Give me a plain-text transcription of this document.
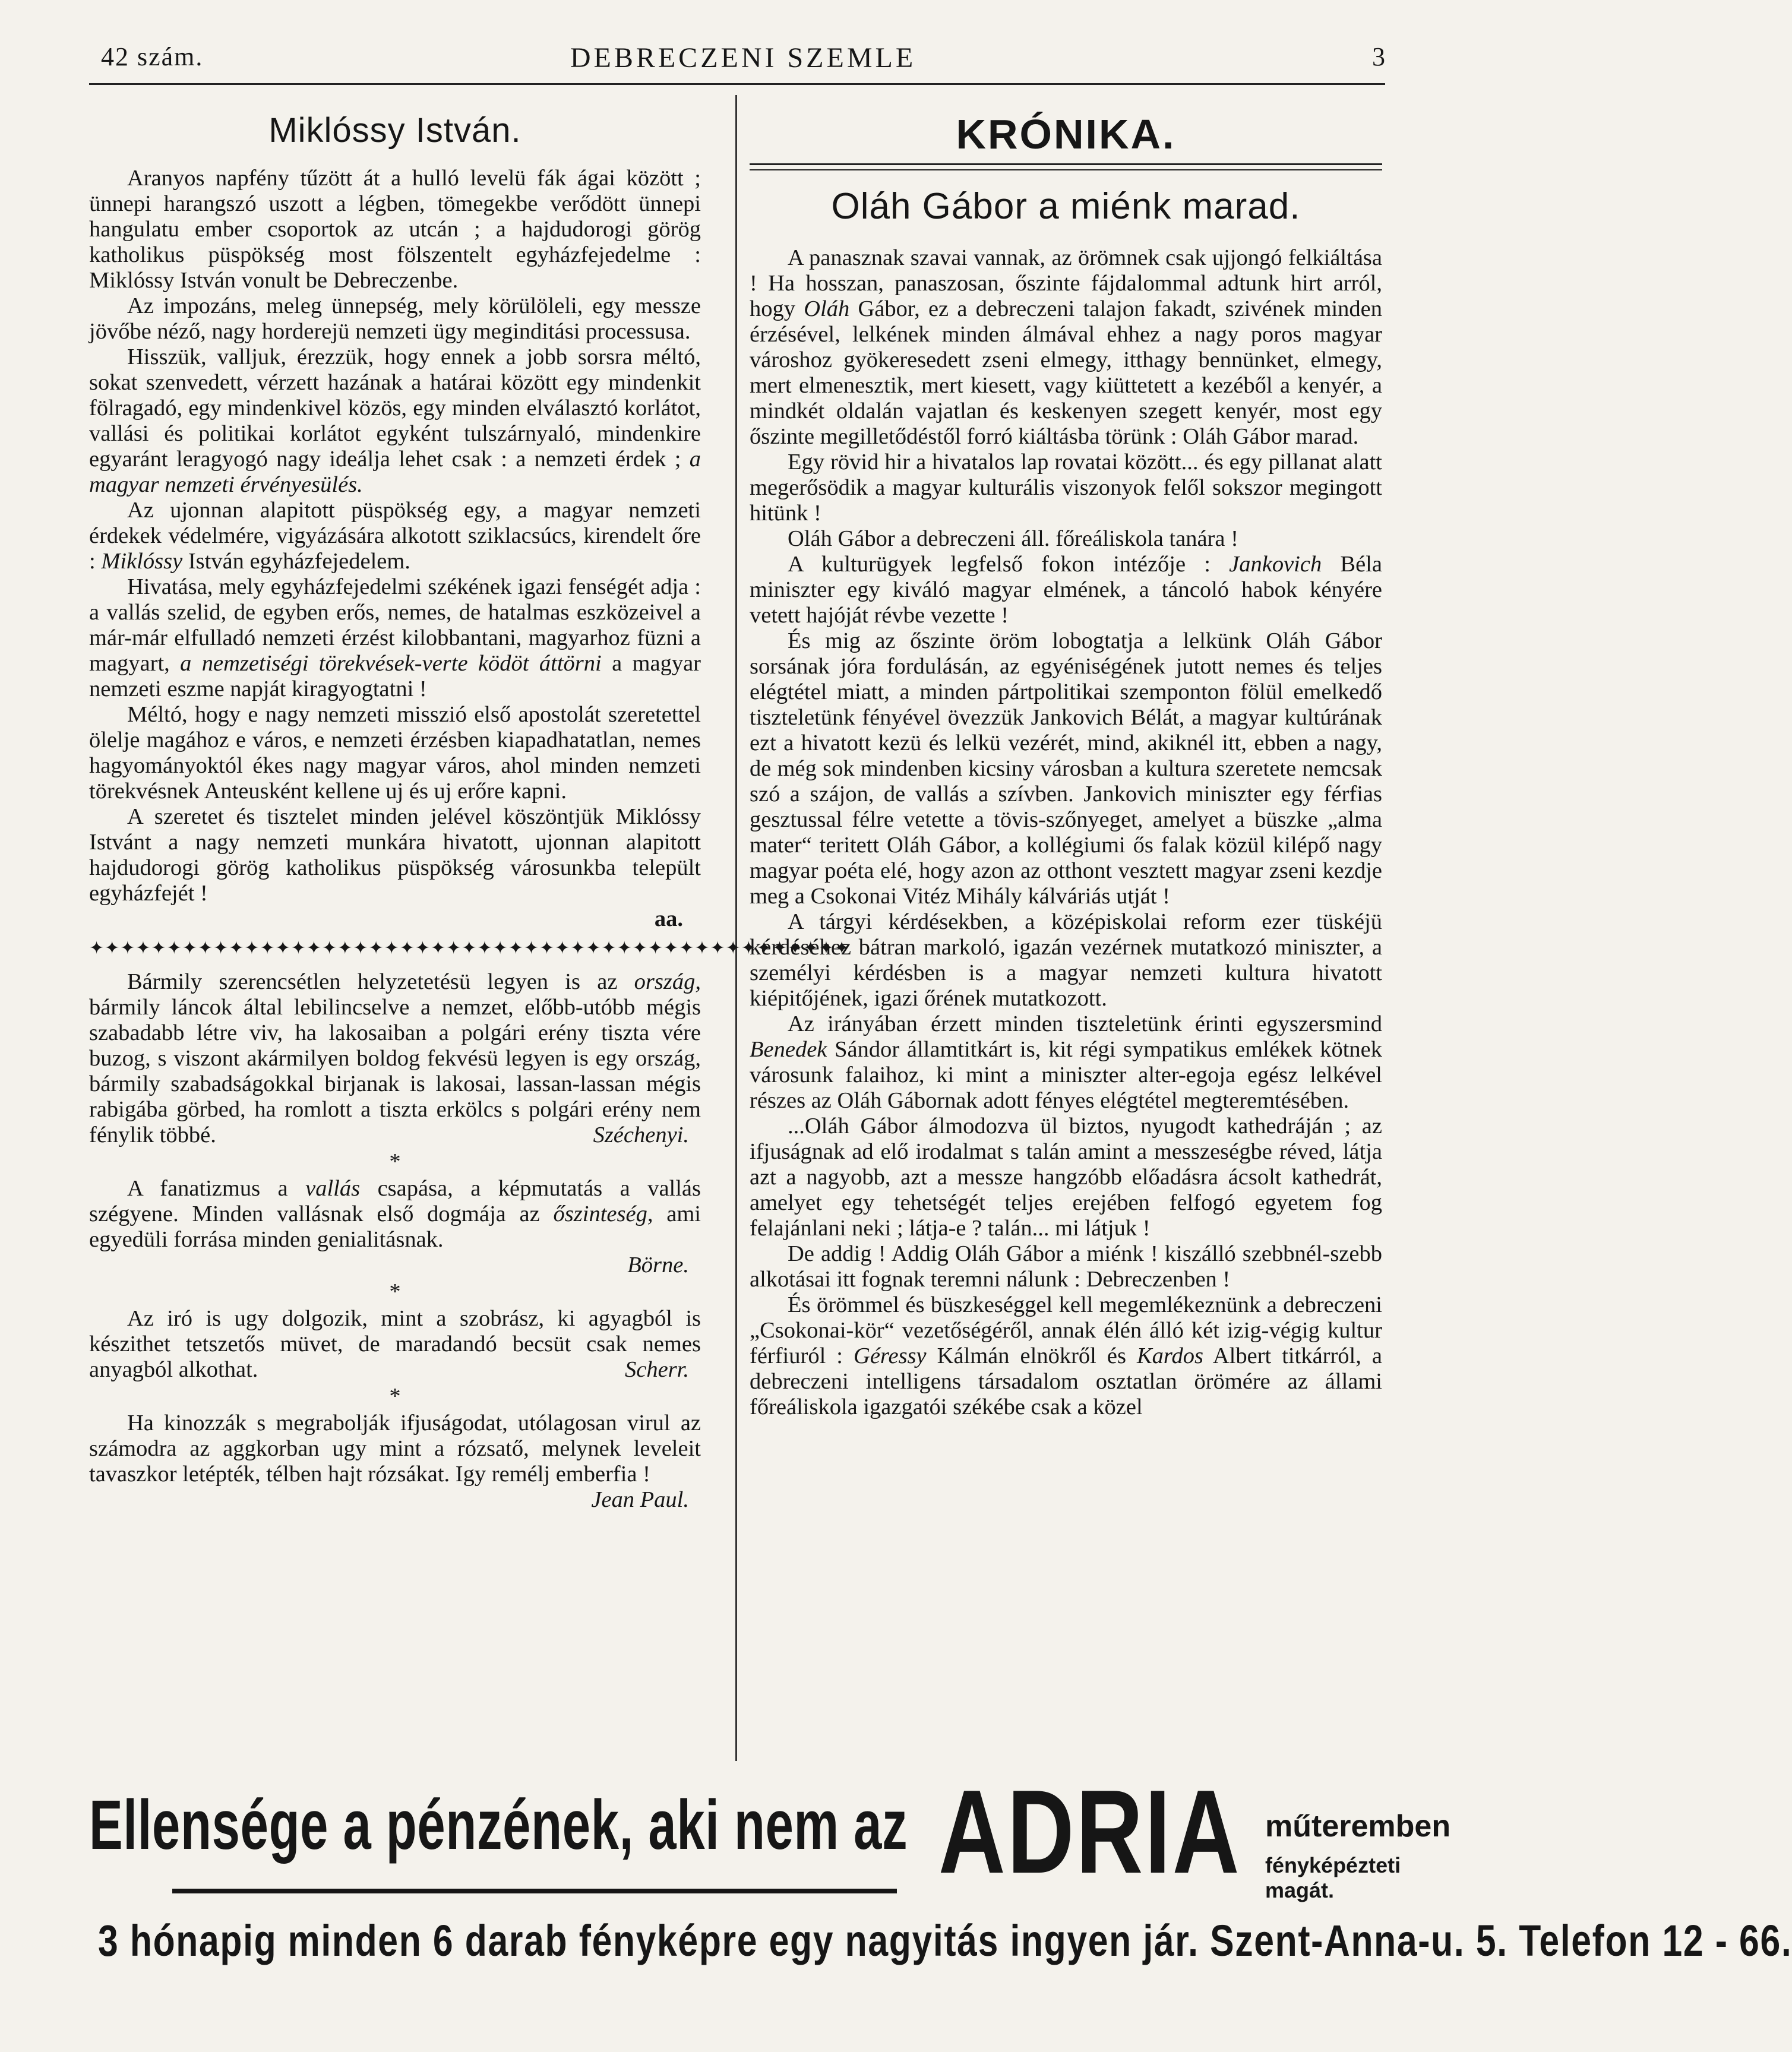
42 szám.	DEBRECZENI SZEMLE	3
Miklóssy István.

Aranyos napfény tűzött át a hulló levelü fák ágai között ; ünnepi harangszó uszott a légben, tömegekbe verődött ünnepi hangulatu ember csoportok az utcán ; a hajdudorogi görög katholikus püspökség most fölszentelt egyházfejedelme : Miklóssy István vonult be Debreczenbe.

Az impozáns, meleg ünnepség, mely körülöleli, egy messze jövőbe néző, nagy horderejü nemzeti ügy meginditási processusa.

Hisszük, valljuk, érezzük, hogy ennek a jobb sorsra méltó, sokat szenvedett, vérzett hazának a határai között egy mindenkit fölragadó, egy mindenkivel közös, egy minden elválasztó korlátot, vallási és politikai korlátot egyként tulszárnyaló, mindenkire egyaránt leragyogó nagy ideálja lehet csak : a nemzeti érdek ; a magyar nemzeti érvényesülés.

Az ujonnan alapitott püspökség egy, a magyar nemzeti érdekek védelmére, vigyázására alkotott sziklacsúcs, kirendelt őre : Miklóssy István egyházfejedelem.

Hivatása, mely egyházfejedelmi székének igazi fenségét adja : a vallás szelid, de egyben erős, nemes, de hatalmas eszközeivel a már-már elfulladó nemzeti érzést kilobbantani, magyarhoz füzni a magyart, a nemzetiségi törekvések-verte ködöt áttörni a magyar nemzeti eszme napját kiragyogtatni !

Méltó, hogy e nagy nemzeti misszió első apostolát szeretettel ölelje magához e város, e nemzeti érzésben kiapadhatatlan, nemes hagyományoktól ékes nagy magyar város, ahol minden nemzeti törekvésnek Anteusként kellene uj és uj erőre kapni.

A szeretet és tisztelet minden jelével köszöntjük Miklóssy Istvánt a nagy nemzeti munkára hivatott, ujonnan alapitott hajdudorogi görög katholikus püspökség városunkba települt egyházfejét !

aa.
✦✦✦✦✦✦✦✦✦✦✦✦✦✦✦✦✦✦✦✦✦✦✦✦✦✦✦✦✦✦✦✦✦✦✦✦✦✦✦✦✦✦✦✦✦✦✦✦✦

Bármily szerencsétlen helyzetetésü legyen is az ország, bármily láncok által lebilincselve a nemzet, előbb-utóbb mégis szabadabb létre viv, ha lakosaiban a polgári erény tiszta vére buzog, s viszont akármilyen boldog fekvésü legyen is egy ország, bármily szabadságokkal birjanak is lakosai, lassan-lassan mégis rabigába görbed, ha romlott a tiszta erkölcs s polgári erény nem fénylik többé.	Széchenyi.

*

A fanatizmus a vallás csapása, a képmutatás a vallás szégyene. Minden vallásnak első dogmája az őszinteség, ami egyedüli forrása minden genialitásnak.

Börne.
*

Az iró is ugy dolgozik, mint a szobrász, ki agyagból is készithet tetszetős müvet, de maradandó becsüt csak nemes anyagból alkothat.	Scherr.

*

Ha kinozzák s megrabolják ifjuságodat, utólagosan virul az számodra az aggkorban ugy mint a rózsatő, melynek leveleit tavaszkor letépték, télben hajt rózsákat. Igy remélj emberfia !

Jean Paul.
KRÓNIKA.
Oláh Gábor a miénk marad.

A panasznak szavai vannak, az örömnek csak ujjongó felkiáltása ! Ha hosszan, panaszosan, őszinte fájdalommal adtunk hirt arról, hogy Oláh Gábor, ez a debreczeni talajon fakadt, szivének minden érzésével, lelkének minden álmával ehhez a nagy poros magyar városhoz gyökeresedett zseni elmegy, itthagy bennünket, elmegy, mert elmenesztik, mert kiesett, vagy kiüttetett a kezéből a kenyér, a mindkét oldalán vajatlan és keskenyen szegett kenyér, most egy őszinte megilletődéstől forró kiáltásba törünk : Oláh Gábor marad.

Egy rövid hir a hivatalos lap rovatai között... és egy pillanat alatt megerősödik a magyar kulturális viszonyok felől sokszor megingott hitünk !

Oláh Gábor a debreczeni áll. főreáliskola tanára !

A kulturügyek legfelső fokon intézője : Jankovich Béla miniszter egy kiváló magyar elmének, a táncoló habok kényére vetett hajóját révbe vezette !

És mig az őszinte öröm lobogtatja a lelkünk Oláh Gábor sorsának jóra fordulásán, az egyéniségének jutott nemes és teljes elégtétel miatt, a minden pártpolitikai szemponton fölül emelkedő tiszteletünk fényével övezzük Jankovich Bélát, a magyar kultúrának ezt a hivatott kezü és lelkü vezérét, mind, akiknél itt, ebben a nagy, de még sok mindenben kicsiny városban a kultura szeretete nemcsak szó a szájon, de vallás a szívben. Jankovich miniszter egy férfias gesztussal félre vetette a tövis-szőnyeget, amelyet a büszke „alma mater“ teritett Oláh Gábor, a kollégiumi ős falak közül kilépő nagy magyar poéta elé, hogy azon az otthont vesztett magyar zseni kezdje meg a Csokonai Vitéz Mihály kálváriás utját !

A tárgyi kérdésekben, a középiskolai reform ezer tüskéjü kérdéséhez bátran markoló, igazán vezérnek mutatkozó miniszter, a személyi kérdésben is a magyar nemzeti kultura hivatott kiépitőjének, igazi őrének mutatkozott.

Az irányában érzett minden tiszteletünk érinti egyszersmind Benedek Sándor államtitkárt is, kit régi sympatikus emlékek kötnek városunk falaihoz, ki mint a miniszter alter-egoja egész lelkével részes az Oláh Gábornak adott fényes elégtétel megteremtésében.

...Oláh Gábor álmodozva ül biztos, nyugodt kathedráján ; az ifjuságnak ad elő irodalmat s talán amint a messzeségbe réved, látja azt a nagyobb, azt a messze hangzóbb előadásra ácsolt kathedrát, amelyet egy tehetségét teljes erejében felfogó egyetem fog felajánlani neki ; látja-e ? talán... mi látjuk !

De addig ! Addig Oláh Gábor a miénk ! kiszálló szebbnél-szebb alkotásai itt fognak teremni nálunk : Debreczenben !

És örömmel és büszkeséggel kell megemlékeznünk a debreczeni „Csokonai-kör“ vezetőségéről, annak élén álló két izig-végig kultur férfiuról : Géressy Kálmán elnökről és Kardos Albert titkárról, a debreczeni intelligens társadalom osztatlan örömére az állami főreáliskola igazgatói székébe csak a közel

Ellensége a pénzének, aki nem az ADRIA műteremben
fényképézteti magát.
3 hónapig minden 6 darab fényképre egy nagyitás ingyen jár. Szent-Anna-u. 5. Telefon 12 - 66.
